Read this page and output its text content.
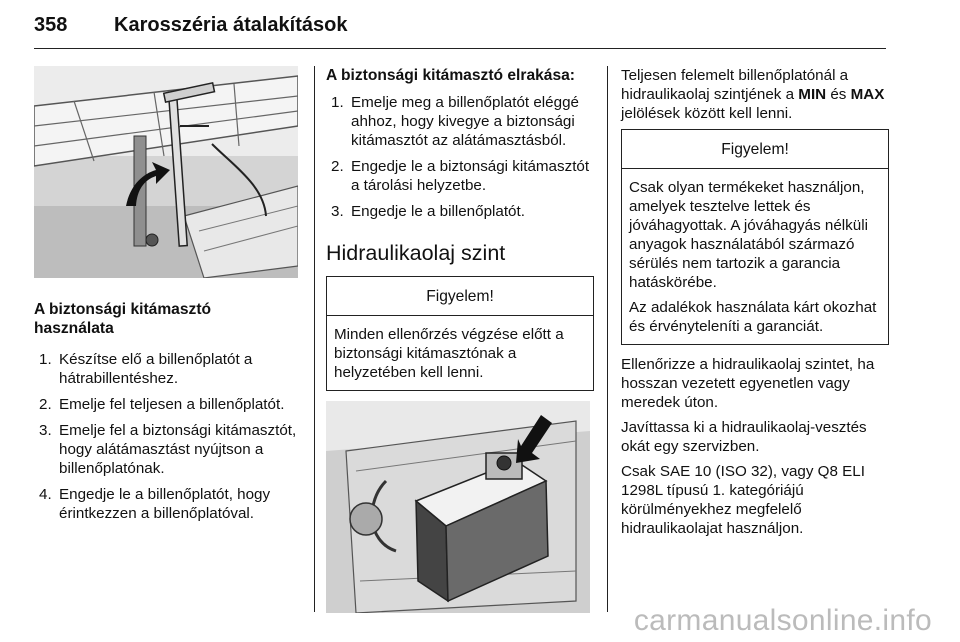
358 Karosszéria átalakítások
A biztonsági kitámasztó
használata
1. Készítse elő a billenőplatót a hátrabillentéshez.
2. Emelje fel teljesen a billenőplatót.
3. Emelje fel a biztonsági kitámasztót, hogy alátámasztást nyújtson a billenőplatónak.
4. Engedje le a billenőplatót, hogy érintkezzen a billenőplatóval.
A biztonsági kitámasztó elrakása:
1. Emelje meg a billenőplatót eléggé ahhoz, hogy kivegye a biztonsági kitámasztót az alátámasztásból.
2. Engedje le a biztonsági kitámasztót a tárolási helyzetbe.
3. Engedje le a billenőplatót.
Hidraulikaolaj szint
Figyelem!

Minden ellenőrzés végzése előtt a biztonsági kitámasztónak a helyzetében kell lenni.

Teljesen felemelt billenőplatónál a hidraulikaolaj szintjének a MIN és MAX jelölések között kell lenni.

Figyelem!

Csak olyan termékeket használjon, amelyek tesztelve lettek és jóváhagyottak. A jóváhagyás nélküli anyagok használatából származó sérülés nem tartozik a garancia hatáskörébe.

Az adalékok használata kárt okozhat és érvényteleníti a garanciát.

Ellenőrizze a hidraulikaolaj szintet, ha hosszan vezetett egyenetlen vagy meredek úton.

Javíttassa ki a hidraulikaolaj-vesztés okát egy szervizben.

Csak SAE 10 (ISO 32), vagy Q8 ELI 1298L típusú 1. kategóriájú körülményekhez megfelelő hidraulikaolajat használjon.

carmanualsonline.info
